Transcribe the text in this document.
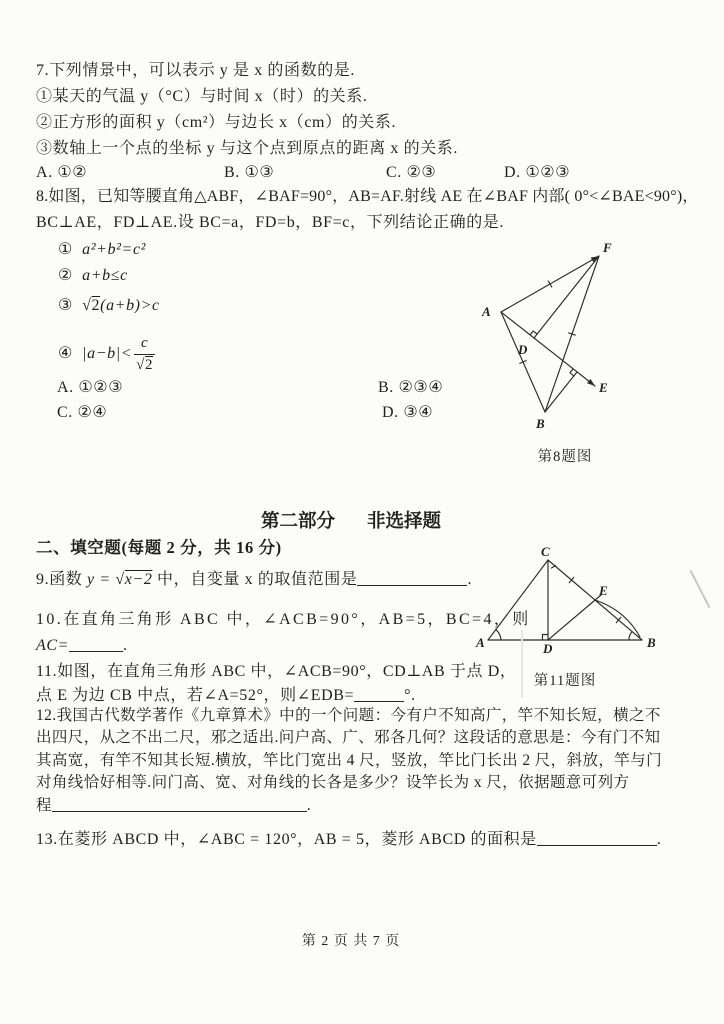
7.下列情景中，可以表示 y 是 x 的函数的是.
①某天的气温 y（°C）与时间 x（时）的关系.
②正方形的面积 y（cm²）与边长 x（cm）的关系.
③数轴上一个点的坐标 y 与这个点到原点的距离 x 的关系.
A. ①②	B. ①③	C. ②③	D. ①②③
8.如图，已知等腰直角△ABF，∠BAF=90°，AB=AF.射线 AE 在∠BAF 内部( 0°<∠BAE<90°)，
BC⊥AE，FD⊥AE.设 BC=a，FD=b，BF=c，下列结论正确的是.
① a²+b²=c²
② a+b≤c
③ √2(a+b)>c
④
$|a-b|< \frac{c}{√2}$
A. ①②③	B. ②③④
C. ②④	D. ③④
F
A
D
E
B
第8题图
第二部分 非选择题
二、填空题(每题 2 分，共 16 分)
9.函数 y = √x−2 中，自变量 x 的取值范围是	.
10.在直角三角形 ABC 中，∠ACB=90°，AB=5，BC=4，则
AC=	.
11.如图，在直角三角形 ABC 中，∠ACB=90°，CD⊥AB 于点 D，
点 E 为边 CB 中点，若∠A=52°，则∠EDB=	°.
A	B
C
D
E
第11题图
12.我国古代数学著作《九章算术》中的一个问题：今有户不知高广，竿不知长短，横之不
出四尺，从之不出二尺，邪之适出.问户高、广、邪各几何？这段话的意思是：今有门不知
其高宽，有竿不知其长短.横放，竿比门宽出 4 尺，竖放，竿比门长出 2 尺，斜放，竿与门
对角线恰好相等.问门高、宽、对角线的长各是多少？设竿长为 x 尺，依据题意可列方
程	.
13.在菱形 ABCD 中，∠ABC = 120°，AB = 5，菱形 ABCD 的面积是	.
第 2 页 共 7 页
